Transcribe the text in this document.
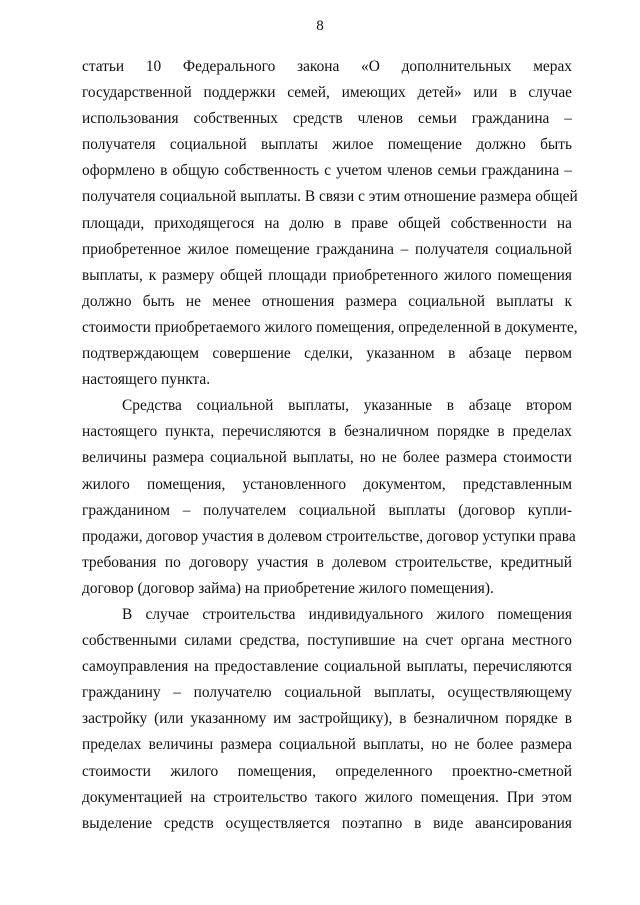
8
статьи 10 Федерального закона «О дополнительных мерах
государственной поддержки семей, имеющих детей» или в случае
использования собственных средств членов семьи гражданина –
получателя социальной выплаты жилое помещение должно быть
оформлено в общую собственность с учетом членов семьи гражданина –
получателя социальной выплаты. В связи с этим отношение размера общей
площади, приходящегося на долю в праве общей собственности на
приобретенное жилое помещение гражданина – получателя социальной
выплаты, к размеру общей площади приобретенного жилого помещения
должно быть не менее отношения размера социальной выплаты к
стоимости приобретаемого жилого помещения, определенной в документе,
подтверждающем совершение сделки, указанном в абзаце первом
настоящего пункта.
Средства социальной выплаты, указанные в абзаце втором
настоящего пункта, перечисляются в безналичном порядке в пределах
величины размера социальной выплаты, но не более размера стоимости
жилого помещения, установленного документом, представленным
гражданином – получателем социальной выплаты (договор купли-
продажи, договор участия в долевом строительстве, договор уступки права
требования по договору участия в долевом строительстве, кредитный
договор (договор займа) на приобретение жилого помещения).
В случае строительства индивидуального жилого помещения
собственными силами средства, поступившие на счет органа местного
самоуправления на предоставление социальной выплаты, перечисляются
гражданину – получателю социальной выплаты, осуществляющему
застройку (или указанному им застройщику), в безналичном порядке в
пределах величины размера социальной выплаты, но не более размера
стоимости жилого помещения, определенного проектно-сметной
документацией на строительство такого жилого помещения. При этом
выделение средств осуществляется поэтапно в виде авансирования
